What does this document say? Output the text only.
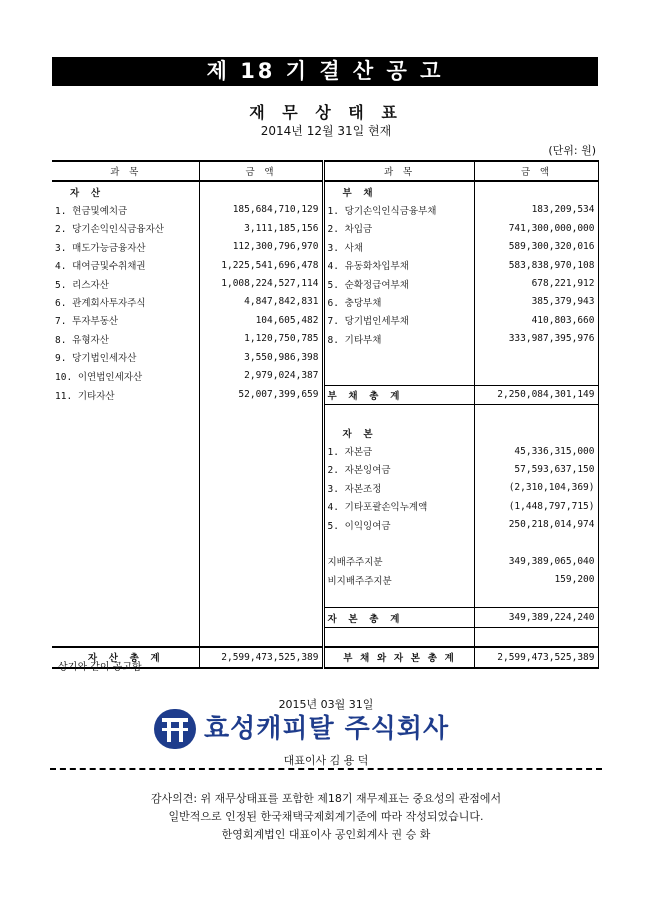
제 18 기 결 산 공 고
재 무 상 태 표
2014년 12월 31일 현재
(단위: 원)
과 목	금 액	과 목	금 액
자 산		부 채	
1. 현금및예치금	185,684,710,129	1. 당기손익인식금융부채	183,209,534
2. 당기손익인식금융자산	3,111,185,156	2. 차입금	741,300,000,000
3. 매도가능금융자산	112,300,796,970	3. 사채	589,300,320,016
4. 대여금및수취채권	1,225,541,696,478	4. 유동화차입부채	583,838,970,108
5. 리스자산	1,008,224,527,114	5. 순확정급여부채	678,221,912
6. 관계회사투자주식	4,847,842,831	6. 충당부채	385,379,943
7. 투자부동산	104,605,482	7. 당기법인세부채	410,803,660
8. 유형자산	1,120,750,785	8. 기타부채	333,987,395,976
9. 당기법인세자산	3,550,986,398		
10. 이연법인세자산	2,979,024,387		
11. 기타자산	52,007,399,659	부 채 총 계	2,250,084,301,149

		자 본	
		1. 자본금	45,336,315,000
		2. 자본잉여금	57,593,637,150
		3. 자본조정	(2,310,104,369)
		4. 기타포괄손익누계액	(1,448,797,715)
		5. 이익잉여금	250,218,014,974

		지배주주지분	349,389,065,040
		비지배주주지분	159,200

		자 본 총 계	349,389,224,240

자 산 총 계	2,599,473,525,389	부 채 와 자 본 총 계	2,599,473,525,389
상기와 같이 공고함
2015년 03월 31일
효성캐피탈 주식회사
대표이사 김 용 덕
감사의견: 위 재무상태표를 포함한 제18기 재무제표는 중요성의 관점에서
일반적으로 인정된 한국채택국제회계기준에 따라 작성되었습니다.
한영회계법인 대표이사 공인회계사 권 승 화
